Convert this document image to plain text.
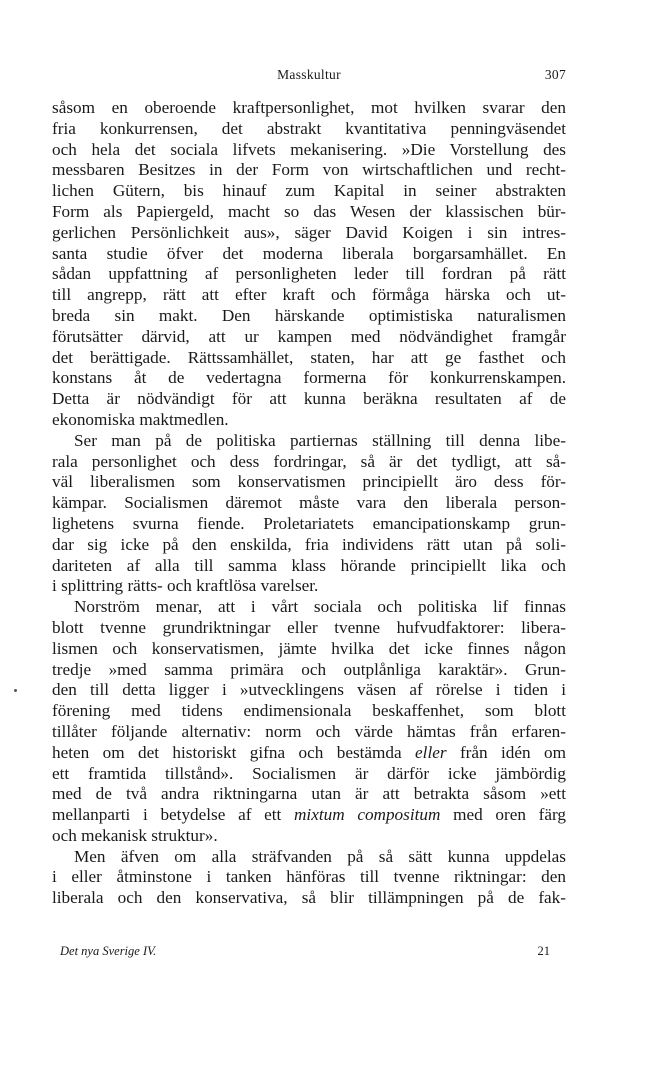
Masskultur	307
såsom en oberoende kraftpersonlighet, mot hvilken svarar den
fria konkurrensen, det abstrakt kvantitativa penningväsendet
och hela det sociala lifvets mekanisering. »Die Vorstellung des
messbaren Besitzes in der Form von wirtschaftlichen und recht-
lichen Gütern, bis hinauf zum Kapital in seiner abstrakten
Form als Papiergeld, macht so das Wesen der klassischen bür-
gerlichen Persönlichkeit aus», säger David Koigen i sin intres-
santa studie öfver det moderna liberala borgarsamhället. En
sådan uppfattning af personligheten leder till fordran på rätt
till angrepp, rätt att efter kraft och förmåga härska och ut-
breda sin makt. Den härskande optimistiska naturalismen
förutsätter därvid, att ur kampen med nödvändighet framgår
det berättigade. Rättssamhället, staten, har att ge fasthet och
konstans åt de vedertagna formerna för konkurrenskampen.
Detta är nödvändigt för att kunna beräkna resultaten af de
ekonomiska maktmedlen.
Ser man på de politiska partiernas ställning till denna libe-
rala personlighet och dess fordringar, så är det tydligt, att så-
väl liberalismen som konservatismen principiellt äro dess för-
kämpar. Socialismen däremot måste vara den liberala person-
lighetens svurna fiende. Proletariatets emancipationskamp grun-
dar sig icke på den enskilda, fria individens rätt utan på soli-
dariteten af alla till samma klass hörande principiellt lika och
i splittring rätts- och kraftlösa varelser.
Norström menar, att i vårt sociala och politiska lif finnas
blott tvenne grundriktningar eller tvenne hufvudfaktorer: libera-
lismen och konservatismen, jämte hvilka det icke finnes någon
tredje »med samma primära och outplånliga karaktär». Grun-
den till detta ligger i »utvecklingens väsen af rörelse i tiden i
förening med tidens endimensionala beskaffenhet, som blott
tillåter följande alternativ: norm och värde hämtas från erfaren-
heten om det historiskt gifna och bestämda eller från idén om
ett framtida tillstånd». Socialismen är därför icke jämbördig
med de två andra riktningarna utan är att betrakta såsom »ett
mellanparti i betydelse af ett mixtum compositum med oren färg
och mekanisk struktur».
Men äfven om alla sträfvanden på så sätt kunna uppdelas
i eller åtminstone i tanken hänföras till tvenne riktningar: den
liberala och den konservativa, så blir tillämpningen på de fak-
Det nya Sverige IV.	21
